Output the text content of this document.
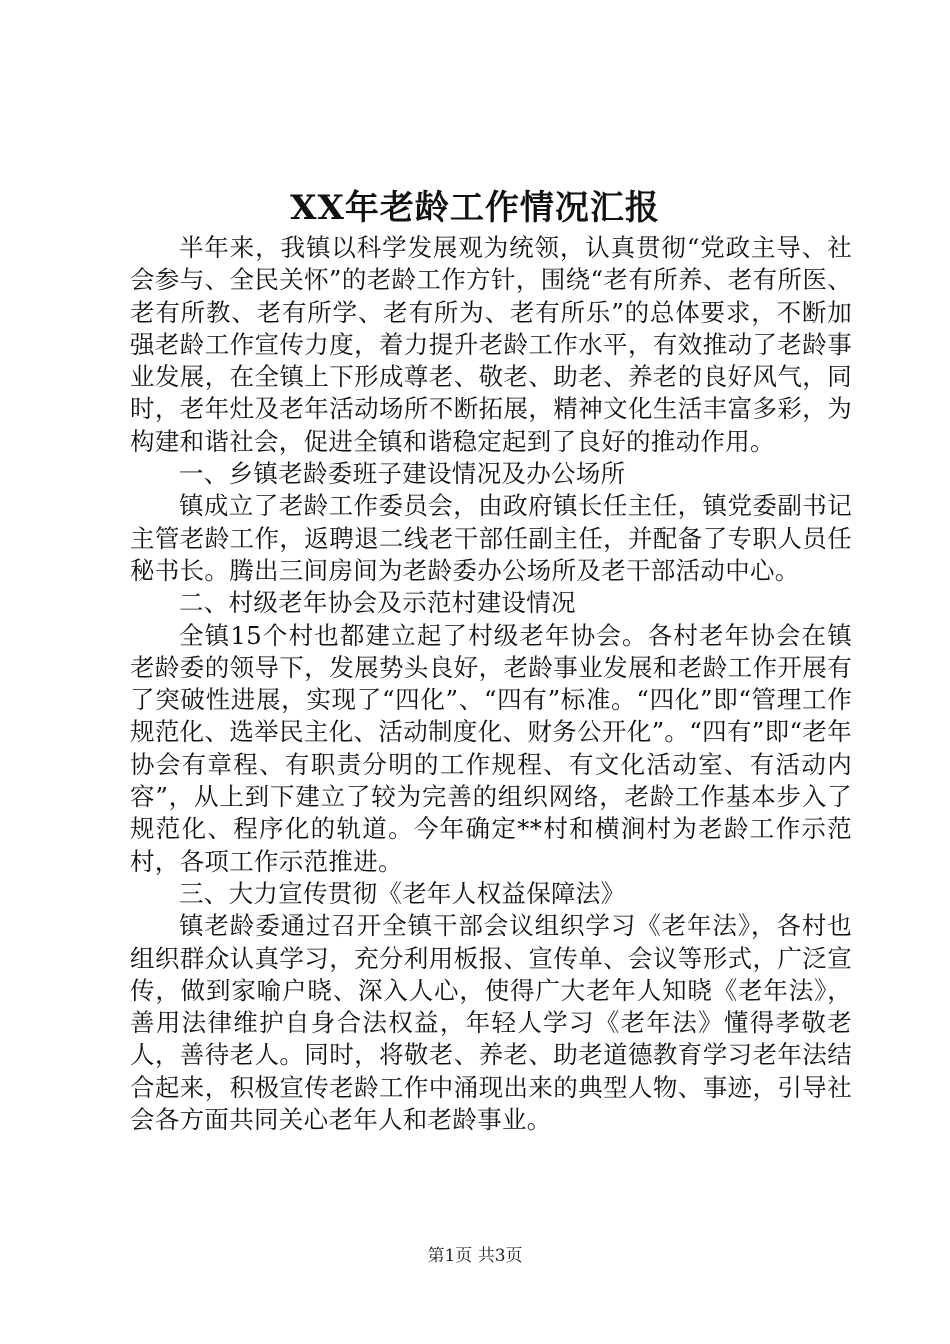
XX年老龄工作情况汇报

半年来，我镇以科学发展观为统领，认真贯彻“党政主导、社会参与、全民关怀”的老龄工作方针，围绕“老有所养、老有所医、老有所教、老有所学、老有所为、老有所乐”的总体要求，不断加强老龄工作宣传力度，着力提升老龄工作水平，有效推动了老龄事业发展，在全镇上下形成尊老、敬老、助老、养老的良好风气，同时，老年灶及老年活动场所不断拓展，精神文化生活丰富多彩，为构建和谐社会，促进全镇和谐稳定起到了良好的推动作用。

一、乡镇老龄委班子建设情况及办公场所

镇成立了老龄工作委员会，由政府镇长任主任，镇党委副书记主管老龄工作，返聘退二线老干部任副主任，并配备了专职人员任秘书长。腾出三间房间为老龄委办公场所及老干部活动中心。

二、村级老年协会及示范村建设情况

全镇15个村也都建立起了村级老年协会。各村老年协会在镇老龄委的领导下，发展势头良好，老龄事业发展和老龄工作开展有了突破性进展，实现了“四化”、“四有”标准。“四化”即“管理工作规范化、选举民主化、活动制度化、财务公开化”。“四有”即“老年协会有章程、有职责分明的工作规程、有文化活动室、有活动内容”，从上到下建立了较为完善的组织网络，老龄工作基本步入了规范化、程序化的轨道。今年确定**村和横涧村为老龄工作示范村，各项工作示范推进。

三、大力宣传贯彻《老年人权益保障法》

镇老龄委通过召开全镇干部会议组织学习《老年法》，各村也组织群众认真学习，充分利用板报、宣传单、会议等形式，广泛宣传，做到家喻户晓、深入人心，使得广大老年人知晓《老年法》，善用法律维护自身合法权益，年轻人学习《老年法》懂得孝敬老人，善待老人。同时，将敬老、养老、助老道德教育学习老年法结合起来，积极宣传老龄工作中涌现出来的典型人物、事迹，引导社会各方面共同关心老年人和老龄事业。

第1页 共3页
